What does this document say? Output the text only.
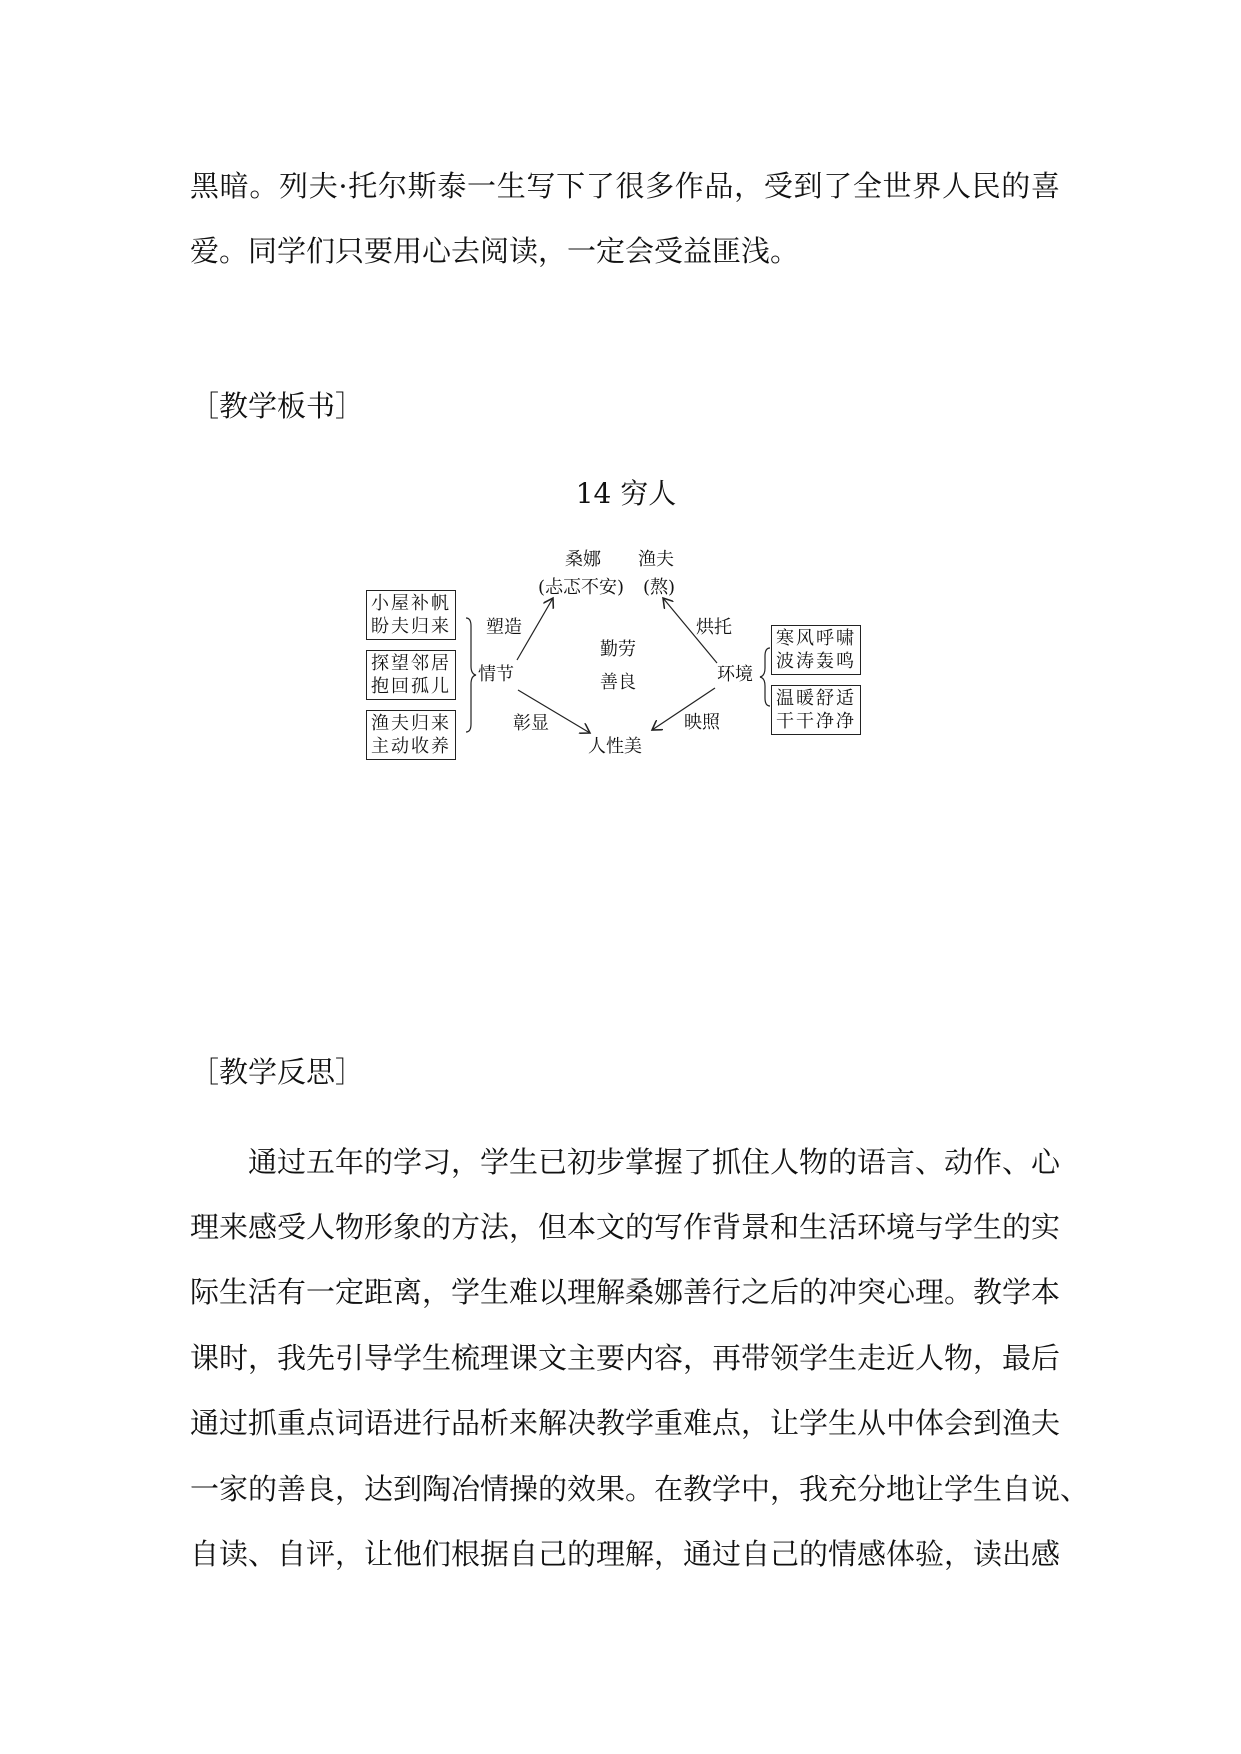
黑暗。列夫·托尔斯泰一生写下了很多作品，受到了全世界人民的喜
爱。同学们只要用心去阅读，一定会受益匪浅。
［教学板书］
14 穷人
桑娜 渔夫
(忐忑不安) (熬)
勤劳
善良
情节	环境
人性美
塑造	烘托
彰显	映照
小屋补帆
盼夫归来
探望邻居
抱回孤儿
渔夫归来
主动收养
寒风呼啸
波涛轰鸣
温暖舒适
干干净净
［教学反思］
通过五年的学习，学生已初步掌握了抓住人物的语言、动作、心
理来感受人物形象的方法，但本文的写作背景和生活环境与学生的实
际生活有一定距离，学生难以理解桑娜善行之后的冲突心理。教学本
课时，我先引导学生梳理课文主要内容，再带领学生走近人物，最后
通过抓重点词语进行品析来解决教学重难点，让学生从中体会到渔夫
一家的善良，达到陶冶情操的效果。在教学中，我充分地让学生自说、
自读、自评，让他们根据自己的理解，通过自己的情感体验，读出感
